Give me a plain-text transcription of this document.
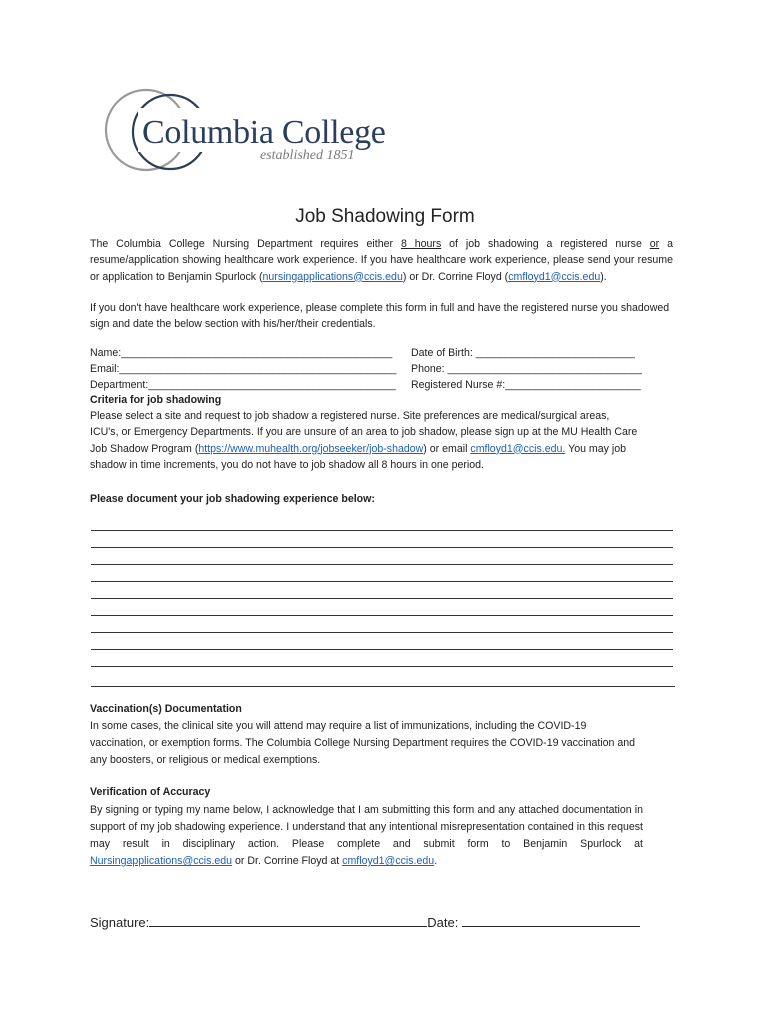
Columbia College
established 1851
Job Shadowing Form
The Columbia College Nursing Department requires either 8 hours of job shadowing a registered nurse or a resume/application showing healthcare work experience. If you have healthcare work experience, please send your resume or application to Benjamin Spurlock (nursingapplications@ccis.edu) or Dr. Corrine Floyd (cmfloyd1@ccis.edu).
If you don't have healthcare work experience, please complete this form in full and have the registered nurse you shadowed sign and date the below section with his/her/their credentials.
Name:______________________________________________ Date of Birth: ___________________________
Email:_______________________________________________ Phone: _________________________________
Department:__________________________________________ Registered Nurse #:_______________________
Criteria for job shadowing
Please select a site and request to job shadow a registered nurse. Site preferences are medical/surgical areas, ICU's, or Emergency Departments. If you are unsure of an area to job shadow, please sign up at the MU Health Care Job Shadow Program (https://www.muhealth.org/jobseeker/job-shadow) or email cmfloyd1@ccis.edu. You may job shadow in time increments, you do not have to job shadow all 8 hours in one period.
Please document your job shadowing experience below:
Vaccination(s) Documentation
In some cases, the clinical site you will attend may require a list of immunizations, including the COVID-19 vaccination, or exemption forms. The Columbia College Nursing Department requires the COVID-19 vaccination and any boosters, or religious or medical exemptions.
Verification of Accuracy
By signing or typing my name below, I acknowledge that I am submitting this form and any attached documentation in support of my job shadowing experience. I understand that any intentional misrepresentation contained in this request may result in disciplinary action. Please complete and submit form to Benjamin Spurlock at Nursingapplications@ccis.edu or Dr. Corrine Floyd at cmfloyd1@ccis.edu.
Signature:	Date:
